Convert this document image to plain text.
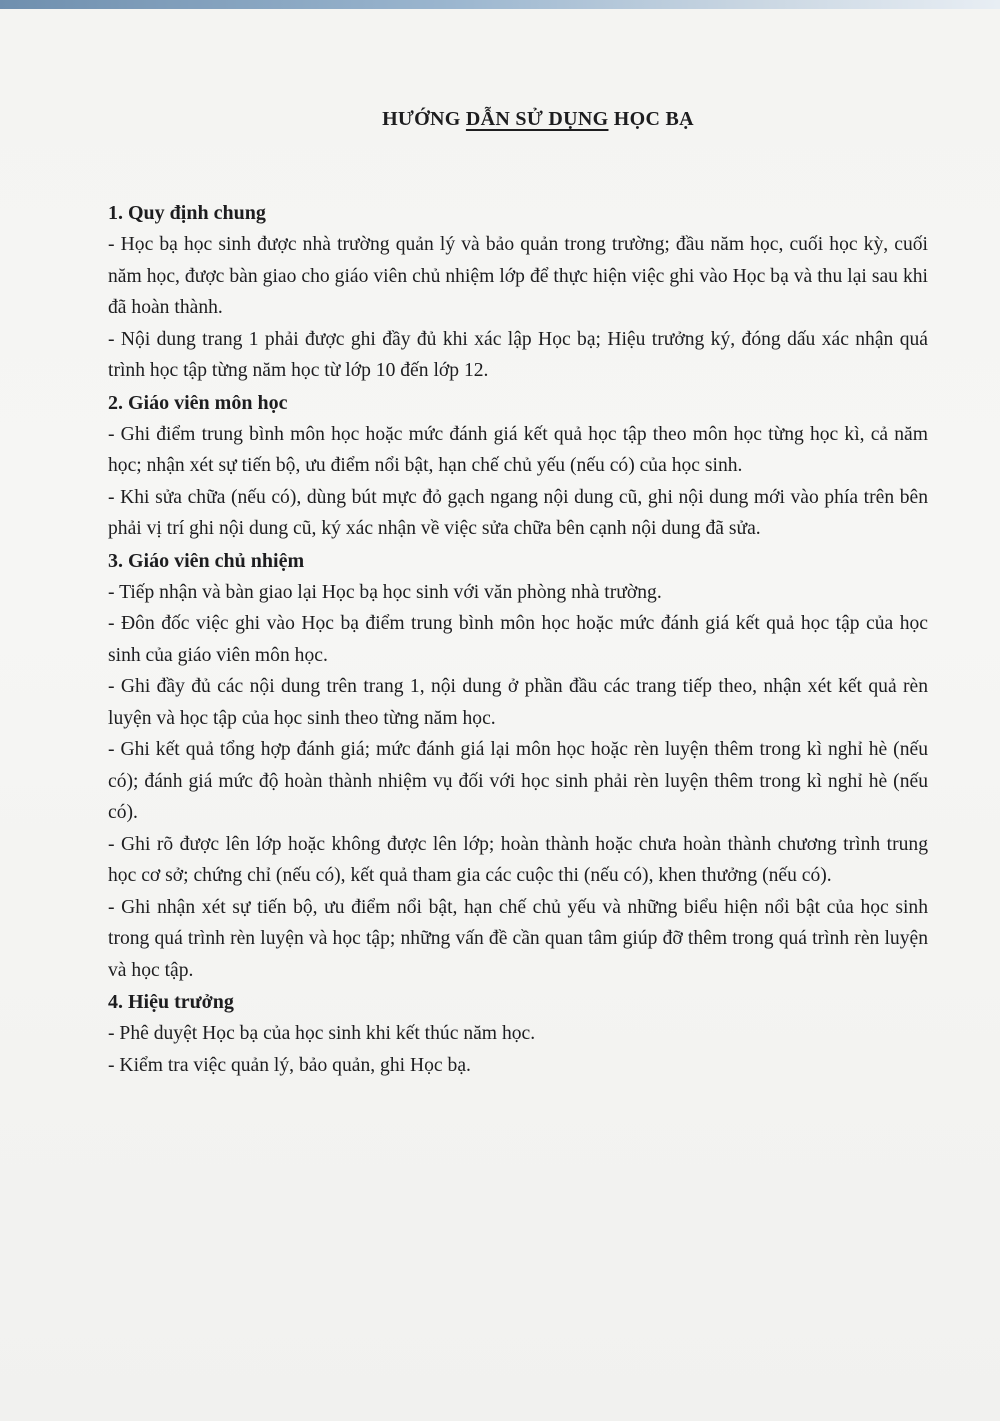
HƯỚNG DẪN SỬ DỤNG HỌC BẠ

1. Quy định chung

- Học bạ học sinh được nhà trường quản lý và bảo quản trong trường; đầu năm học, cuối học kỳ, cuối năm học, được bàn giao cho giáo viên chủ nhiệm lớp để thực hiện việc ghi vào Học bạ và thu lại sau khi đã hoàn thành.

- Nội dung trang 1 phải được ghi đầy đủ khi xác lập Học bạ; Hiệu trưởng ký, đóng dấu xác nhận quá trình học tập từng năm học từ lớp 10 đến lớp 12.

2. Giáo viên môn học

- Ghi điểm trung bình môn học hoặc mức đánh giá kết quả học tập theo môn học từng học kì, cả năm học; nhận xét sự tiến bộ, ưu điểm nổi bật, hạn chế chủ yếu (nếu có) của học sinh.

- Khi sửa chữa (nếu có), dùng bút mực đỏ gạch ngang nội dung cũ, ghi nội dung mới vào phía trên bên phải vị trí ghi nội dung cũ, ký xác nhận về việc sửa chữa bên cạnh nội dung đã sửa.

3. Giáo viên chủ nhiệm

- Tiếp nhận và bàn giao lại Học bạ học sinh với văn phòng nhà trường.

- Đôn đốc việc ghi vào Học bạ điểm trung bình môn học hoặc mức đánh giá kết quả học tập của học sinh của giáo viên môn học.

- Ghi đầy đủ các nội dung trên trang 1, nội dung ở phần đầu các trang tiếp theo, nhận xét kết quả rèn luyện và học tập của học sinh theo từng năm học.

- Ghi kết quả tổng hợp đánh giá; mức đánh giá lại môn học hoặc rèn luyện thêm trong kì nghỉ hè (nếu có); đánh giá mức độ hoàn thành nhiệm vụ đối với học sinh phải rèn luyện thêm trong kì nghỉ hè (nếu có).

- Ghi rõ được lên lớp hoặc không được lên lớp; hoàn thành hoặc chưa hoàn thành chương trình trung học cơ sở; chứng chỉ (nếu có), kết quả tham gia các cuộc thi (nếu có), khen thưởng (nếu có).

- Ghi nhận xét sự tiến bộ, ưu điểm nổi bật, hạn chế chủ yếu và những biểu hiện nổi bật của học sinh trong quá trình rèn luyện và học tập; những vấn đề cần quan tâm giúp đỡ thêm trong quá trình rèn luyện và học tập.

4. Hiệu trưởng

- Phê duyệt Học bạ của học sinh khi kết thúc năm học.

- Kiểm tra việc quản lý, bảo quản, ghi Học bạ.
